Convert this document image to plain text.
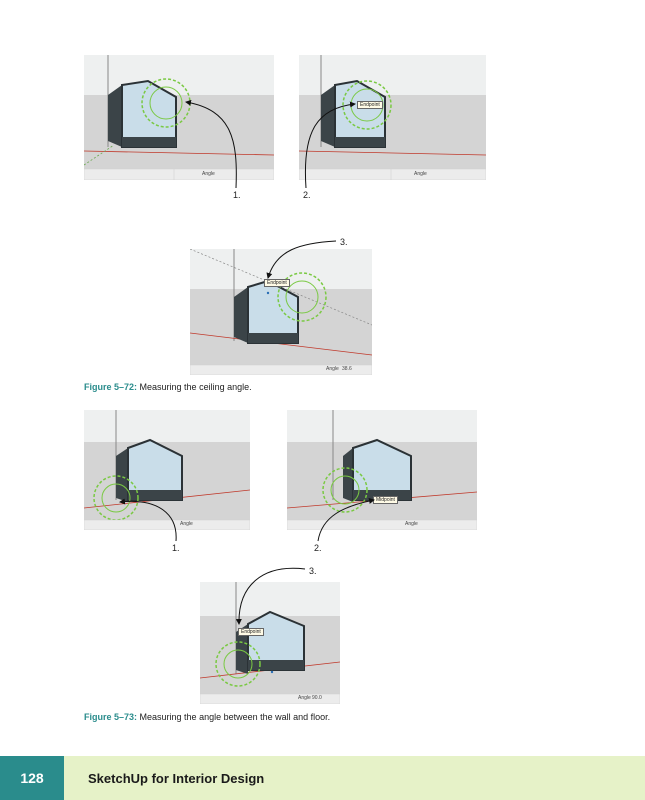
Angle
Endpoint
Angle
Endpoint
Angle 38.6
1.	2.
3.
Figure 5–72: Measuring the ceiling angle.
Angle
Midpoint
Angle
Endpoint
Angle 90.0
1.	2.
3.
Figure 5–73: Measuring the angle between the wall and floor.
128	SketchUp for Interior Design
